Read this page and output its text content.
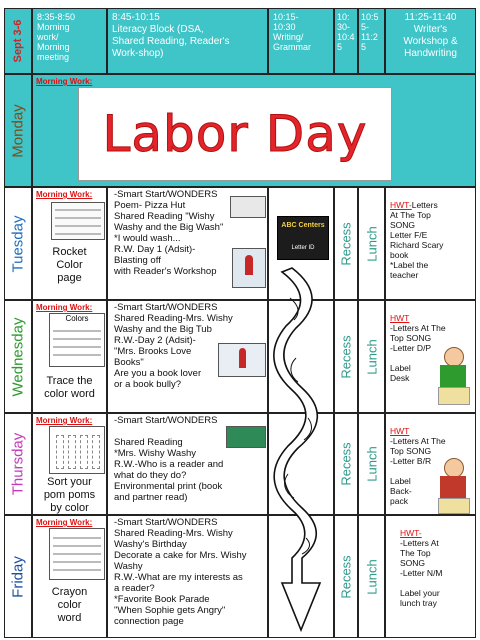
Sept 3-6
8:35-8:50
Morning
work/
Morning
meeting
8:45-10:15
Literacy Block (DSA,
Shared Reading, Reader's
Work-shop)
10:15-
10:30
Writing/
Grammar
10:
30-
10:4
5
10:5
5-
11:2
5
11:25-11:40
Writer's
Workshop &
Handwriting
Monday
Morning Work:
Labor Day
Tuesday
Morning Work:
Rocket
Color
page
-Smart Start/WONDERS
Poem- Pizza Hut
Shared Reading "Wishy
Washy and the Big Wash"
*I would wash...
R.W. Day 1 (Adsit)-
Blasting off
with Reader's Workshop
ABC Centers
Letter ID	Recess Lunch

HWT-Letters
At The Top
SONG
Letter F/E
Richard Scary
book
*Label the
teacher

Wednesday
Morning Work:
Colors
Trace the
color word
-Smart Start/WONDERS
Shared Reading-Mrs. Wishy
Washy and the Big Tub
R.W.-Day 2 (Adsit)-
"Mrs. Brooks Love
Books"
Are you a book lover
or a book bully?
Recess Lunch

HWT
-Letters At The
Top SONG
-Letter D/P

Label
Desk

Thursday
Morning Work:
Sort your
pom poms
by color
-Smart Start/WONDERS

Shared Reading
*Mrs. Wishy Washy
R.W.-Who is a reader and
what do they do?
Environmental print (book
and partner read)
Recess Lunch

HWT
-Letters At The
Top SONG
-Letter B/R

Label
Back-
pack

Friday
Morning Work:
Crayon
color
word
-Smart Start/WONDERS
Shared Reading-Mrs. Wishy
Washy's Birthday
Decorate a cake for Mrs. Wishy
Washy
R.W.-What are my interests as
a reader?
*Favorite Book Parade
"When Sophie gets Angry"
connection page
Recess Lunch

HWT-
-Letters At
The Top
SONG
-Letter N/M

Label your
lunch tray
